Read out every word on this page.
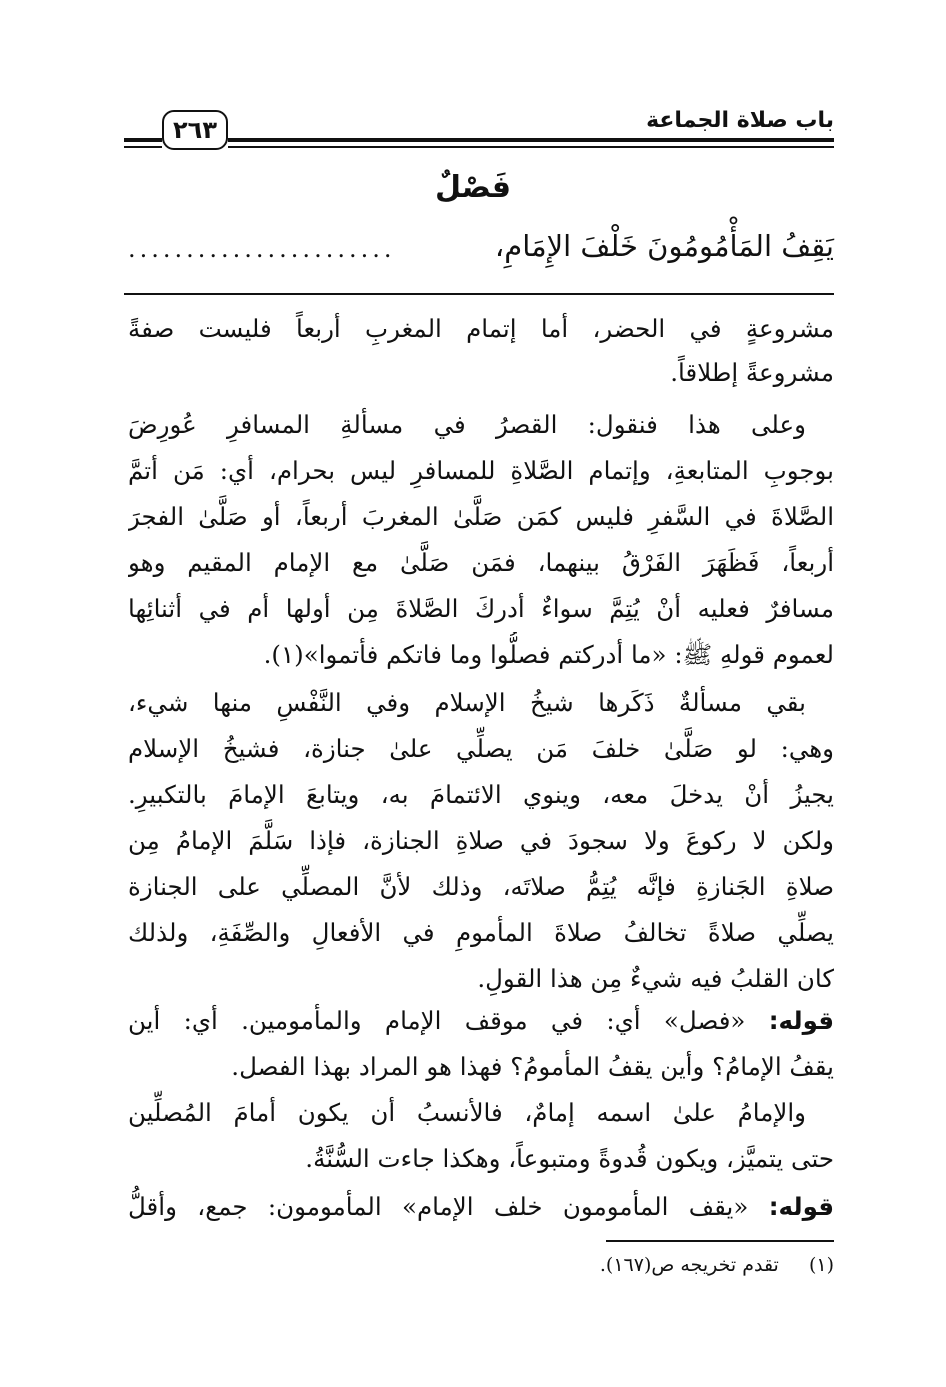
باب صلاة الجماعة
٢٦٣
فَصْلٌ
يَقِفُ المَأْمُومُونَ خَلْفَ الإِمَامِ،
.......................
مشروعةٍ في الحضر، أما إتمام المغربِ أربعاً فليست صفةً
مشروعةً إطلاقاً.
وعلى هذا فنقول: القصرُ في مسألةِ المسافرِ عُورِضَ
بوجوبِ المتابعةِ، وإتمام الصَّلاةِ للمسافرِ ليس بحرام، أي: مَن أتمَّ
الصَّلاةَ في السَّفرِ فليس كمَن صَلَّىٰ المغربَ أربعاً، أو صَلَّىٰ الفجرَ
أربعاً، فَظَهَرَ الفَرْقُ بينهما، فمَن صَلَّىٰ مع الإمام المقيم وهو
مسافرٌ فعليه أنْ يُتِمَّ سواءٌ أدركَ الصَّلاةَ مِن أولها أم في أثنائِها
لعموم قولهِ ﷺ: «ما أدركتم فصلُّوا وما فاتكم فأتموا»(١).
بقي مسألةٌ ذَكَرها شيخُ الإسلام وفي النَّفْسِ منها شيء،
وهي: لو صَلَّىٰ خلفَ مَن يصلِّي علىٰ جنازة، فشيخُ الإسلام
يجيزُ أنْ يدخلَ معه، وينوي الائتمامَ به، ويتابعَ الإمامَ بالتكبيرِ.
ولكن لا ركوعَ ولا سجودَ في صلاةِ الجنازة، فإذا سَلَّمَ الإمامُ مِن
صلاةِ الجَنازةِ فإنَّه يُتِمُّ صلاتَه، وذلك لأنَّ المصلِّي على الجنازة
يصلِّي صلاةً تخالفُ صلاةَ المأمومِ في الأفعالِ والصِّفَةِ، ولذلك
كان القلبُ فيه شيءٌ مِن هذا القولِ.
قوله: «فصل» أي: في موقف الإمام والمأمومين. أي: أين
يقفُ الإمامُ؟ وأين يقفُ المأمومُ؟ فهذا هو المراد بهذا الفصل.
والإمامُ علىٰ اسمه إمامٌ، فالأنسبُ أن يكون أمامَ المُصلِّين
حتى يتميَّز، ويكون قُدوةً ومتبوعاً، وهكذا جاءت السُّنَّةُ.
قوله: «يقف المأمومون خلف الإمام» المأمومون: جمع، وأقلُّ
(١)  تقدم تخريجه ص(١٦٧).
